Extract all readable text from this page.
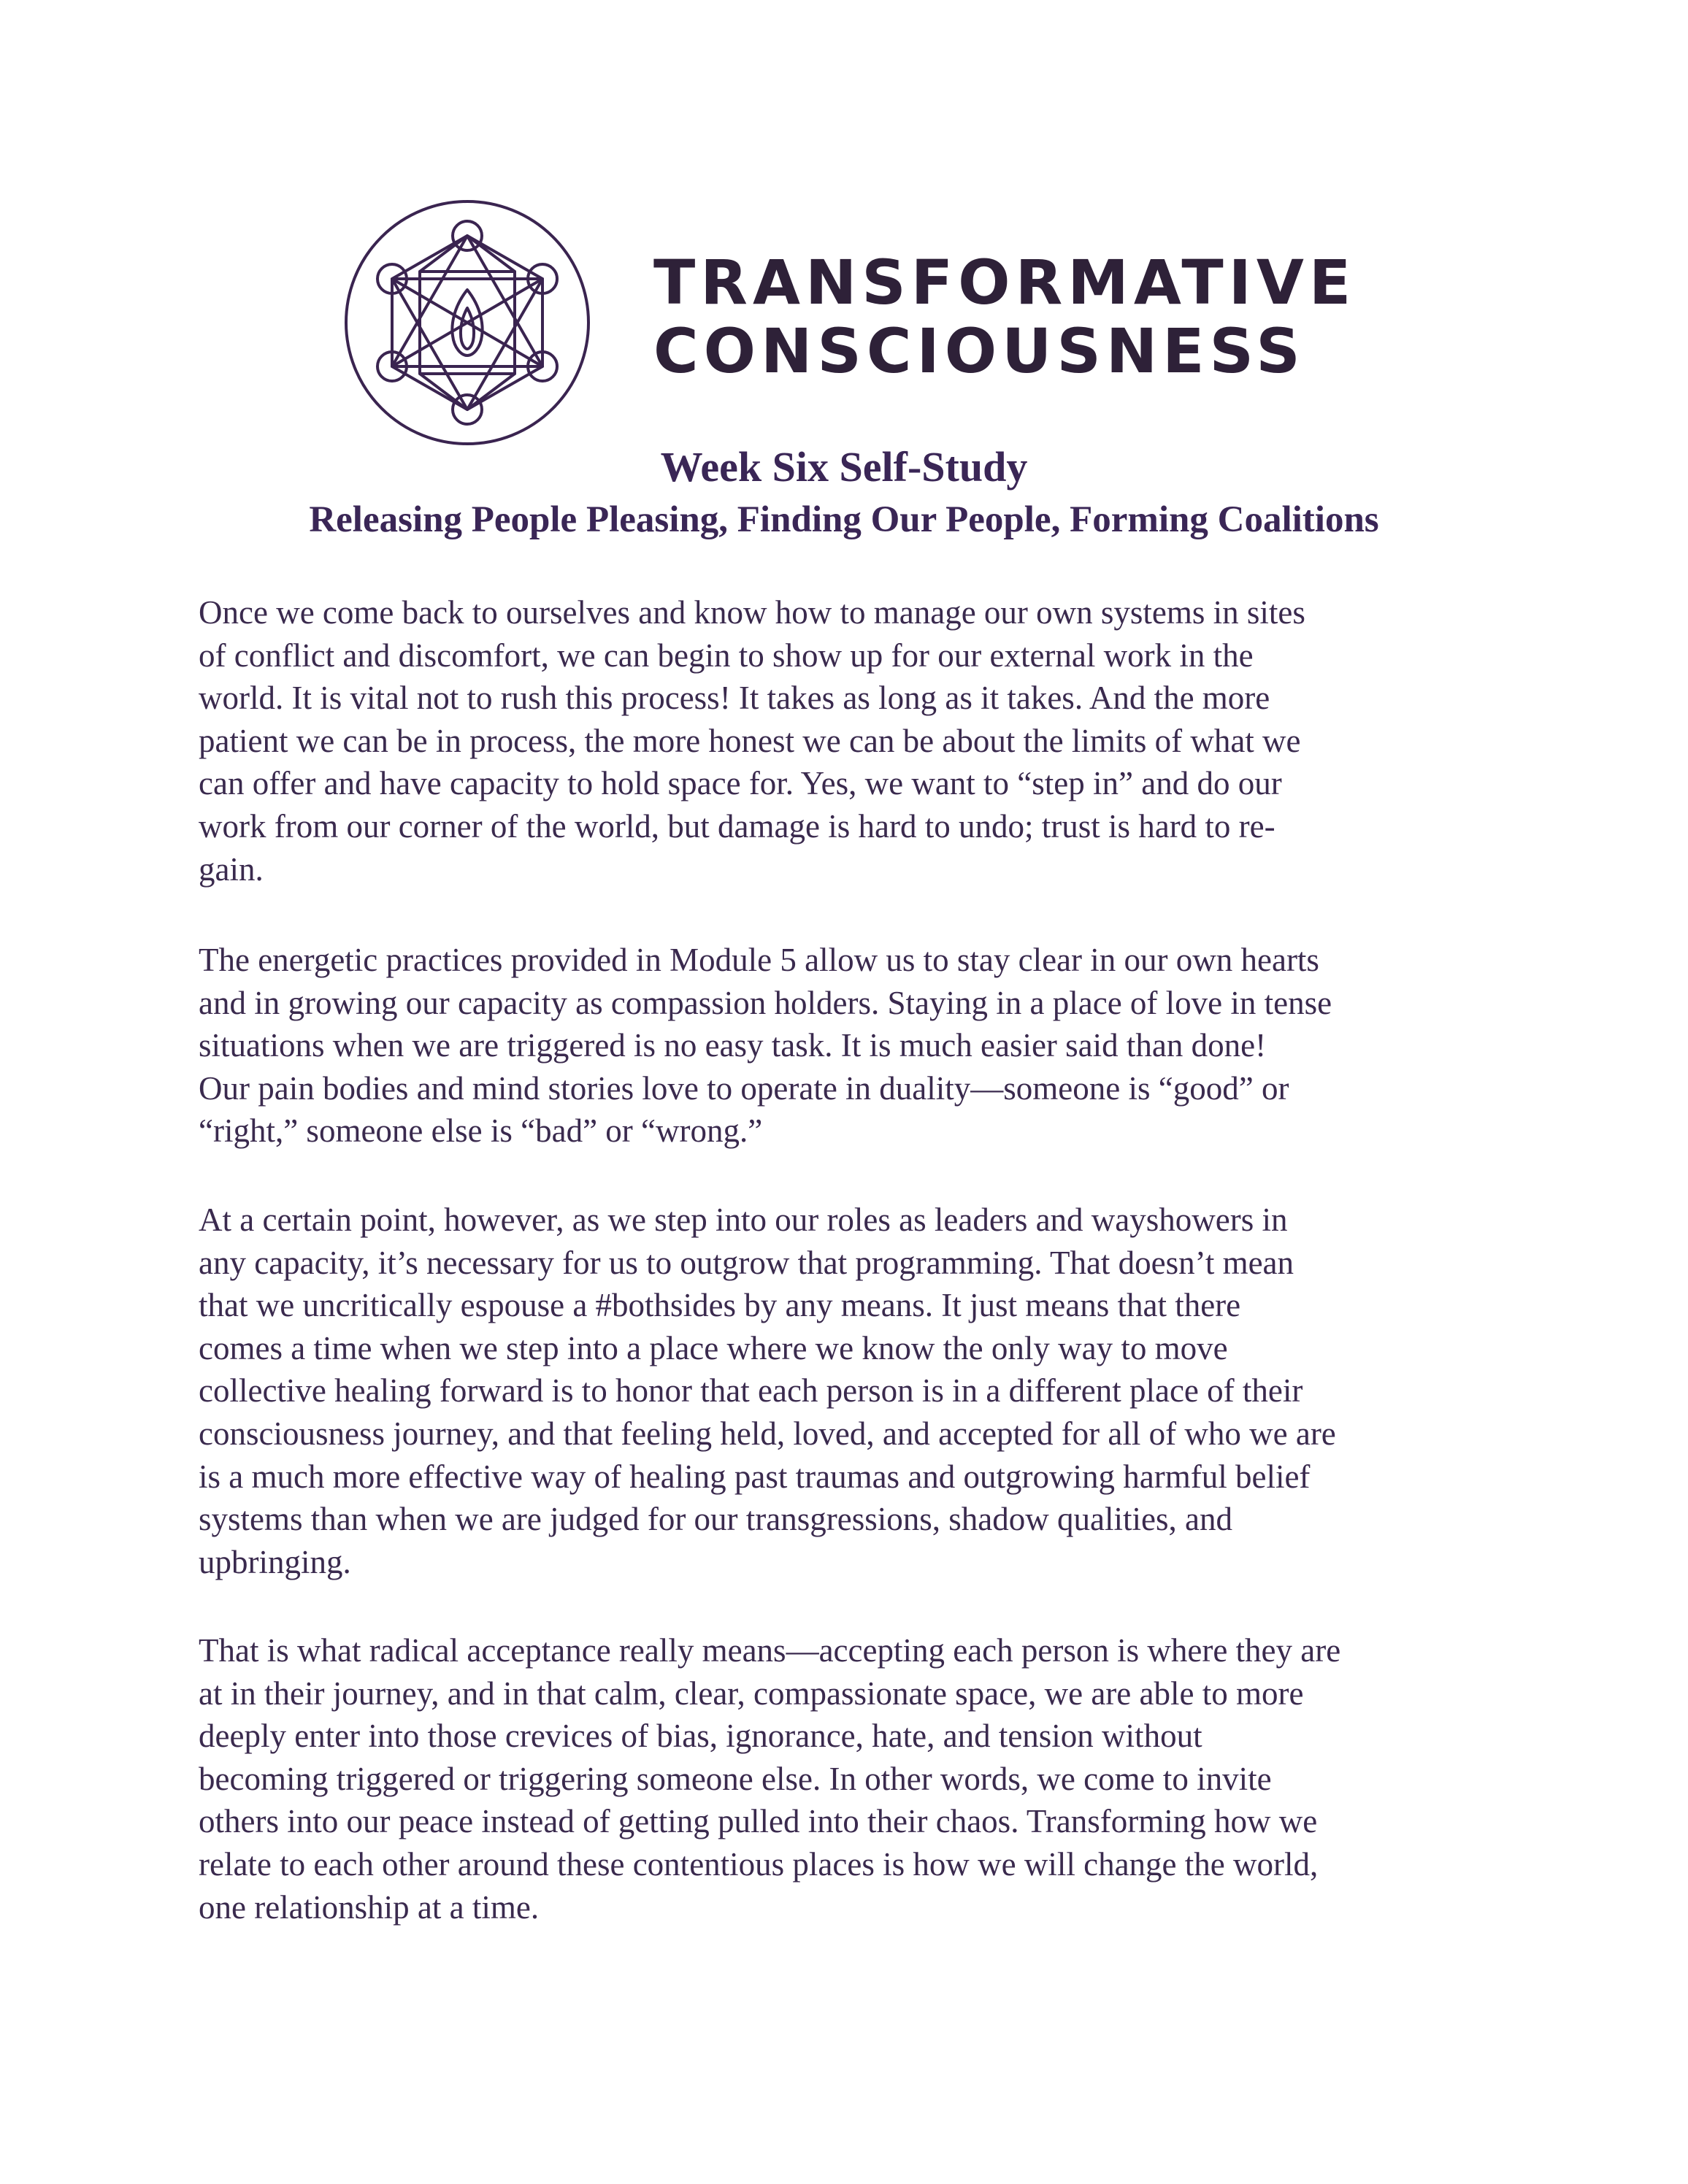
TRANSFORMATIVE
CONSCIOUSNESS
Week Six Self-Study
Releasing People Pleasing, Finding Our People, Forming Coalitions
Once we come back to ourselves and know how to manage our own systems in sites
of conflict and discomfort, we can begin to show up for our external work in the
world. It is vital not to rush this process! It takes as long as it takes. And the more
patient we can be in process, the more honest we can be about the limits of what we
can offer and have capacity to hold space for. Yes, we want to “step in” and do our
work from our corner of the world, but damage is hard to undo; trust is hard to re-
gain.
The energetic practices provided in Module 5 allow us to stay clear in our own hearts
and in growing our capacity as compassion holders. Staying in a place of love in tense
situations when we are triggered is no easy task. It is much easier said than done!
Our pain bodies and mind stories love to operate in duality—someone is “good” or
“right,” someone else is “bad” or “wrong.”
At a certain point, however, as we step into our roles as leaders and wayshowers in
any capacity, it’s necessary for us to outgrow that programming. That doesn’t mean
that we uncritically espouse a #bothsides by any means. It just means that there
comes a time when we step into a place where we know the only way to move
collective healing forward is to honor that each person is in a different place of their
consciousness journey, and that feeling held, loved, and accepted for all of who we are
is a much more effective way of healing past traumas and outgrowing harmful belief
systems than when we are judged for our transgressions, shadow qualities, and
upbringing.
That is what radical acceptance really means—accepting each person is where they are
at in their journey, and in that calm, clear, compassionate space, we are able to more
deeply enter into those crevices of bias, ignorance, hate, and tension without
becoming triggered or triggering someone else. In other words, we come to invite
others into our peace instead of getting pulled into their chaos. Transforming how we
relate to each other around these contentious places is how we will change the world,
one relationship at a time.
